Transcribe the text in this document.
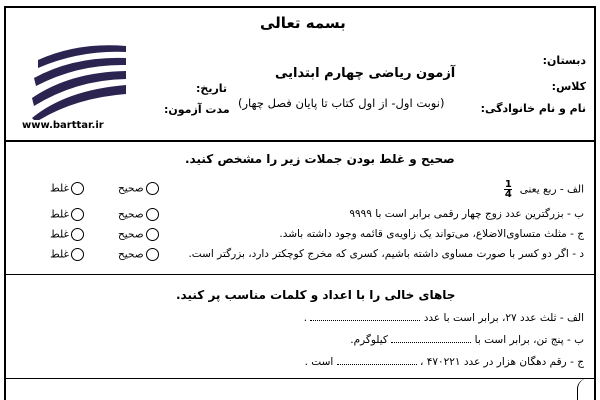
بسمه تعالی
آزمون ریاضی چهارم ابتدایی
(نوبت اول- از اول کتاب تا پایان فصل چهار)
دبستان:
کلاس:
نام و نام خانوادگی:
تاریخ:
مدت آزمون:
www.barttar.ir
صحیح و غلط بودن جملات زیر را مشخص کنید.
الف - ربع یعنی $\frac{1}{4}$
صحیح
غلط
ب - بزرگترین عدد زوج چهار رقمی برابر است با ۹۹۹۹
صحیح
غلط
ج - مثلث متساوی‌الاضلاع، می‌تواند یک زاویه‌ی قائمه وجود داشته باشد.
صحیح
غلط
د - اگر دو کسر با صورت مساوی داشته باشیم، کسری که مخرج کوچکتر دارد، بزرگتر است.
صحیح
غلط
جاهای خالی را با اعداد و کلمات مناسب پر کنید.
الف - ثلث عدد ۲۷، برابر است با عدد  .
ب - پنج تن، برابر است با  کیلوگرم.
ج - رقم دهگان هزار در عدد ۴۷۰۲۲۱ ،  است .
